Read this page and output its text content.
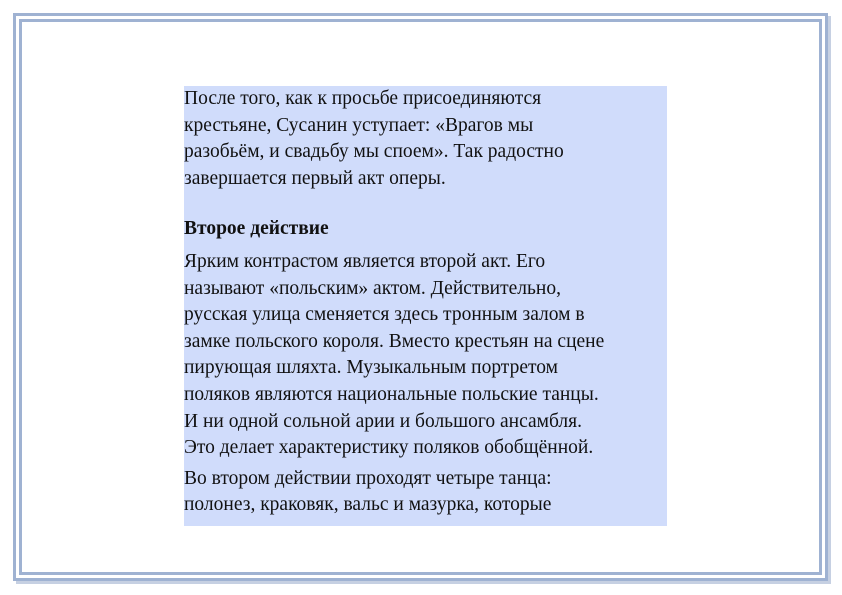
После того, как к просьбе присоединяются
крестьяне, Сусанин уступает: «Врагов мы
разобьём, и свадьбу мы споем». Так радостно
завершается первый акт оперы.

Второе действие

Ярким контрастом является второй акт. Его
называют «польским» актом. Действительно,
русская улица сменяется здесь тронным залом в
замке польского короля. Вместо крестьян на сцене
пирующая шляхта. Музыкальным портретом
поляков являются национальные польские танцы.
И ни одной сольной арии и большого ансамбля.
Это делает характеристику поляков обобщённой.

Во втором действии проходят четыре танца:
полонез, краковяк, вальс и мазурка, которые
